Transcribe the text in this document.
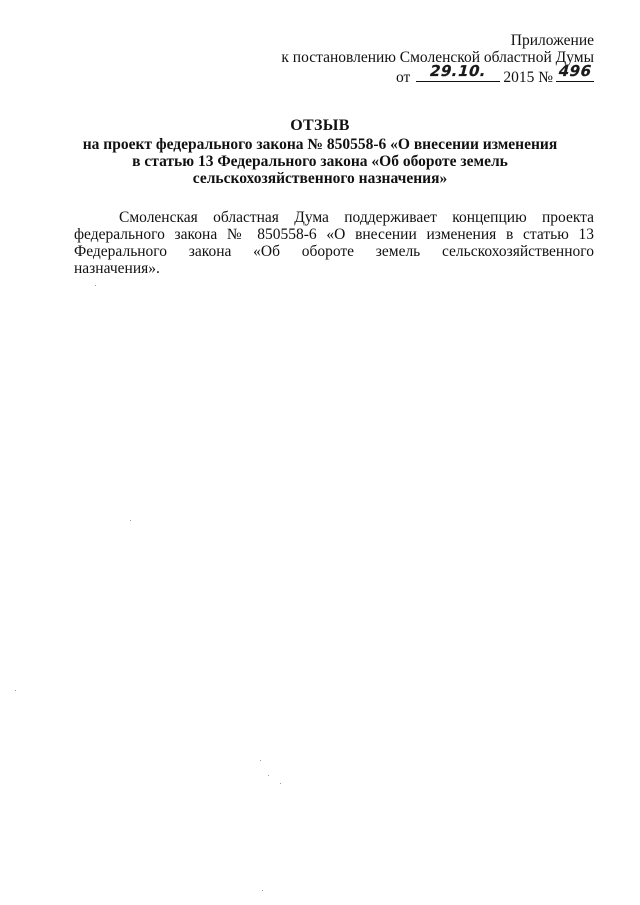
Приложение
к постановлению Смоленской областной Думы
от 29.10. 2015 № 496
ОТЗЫВ
на проект федерального закона № 850558-6 «О внесении изменения
в статью 13 Федерального закона «Об обороте земель
сельскохозяйственного назначения»
Смоленская областная Дума поддерживает концепцию проекта федерального закона № 850558-6 «О внесении изменения в статью 13 Федерального закона «Об обороте земель сельскохозяйственного назначения».
